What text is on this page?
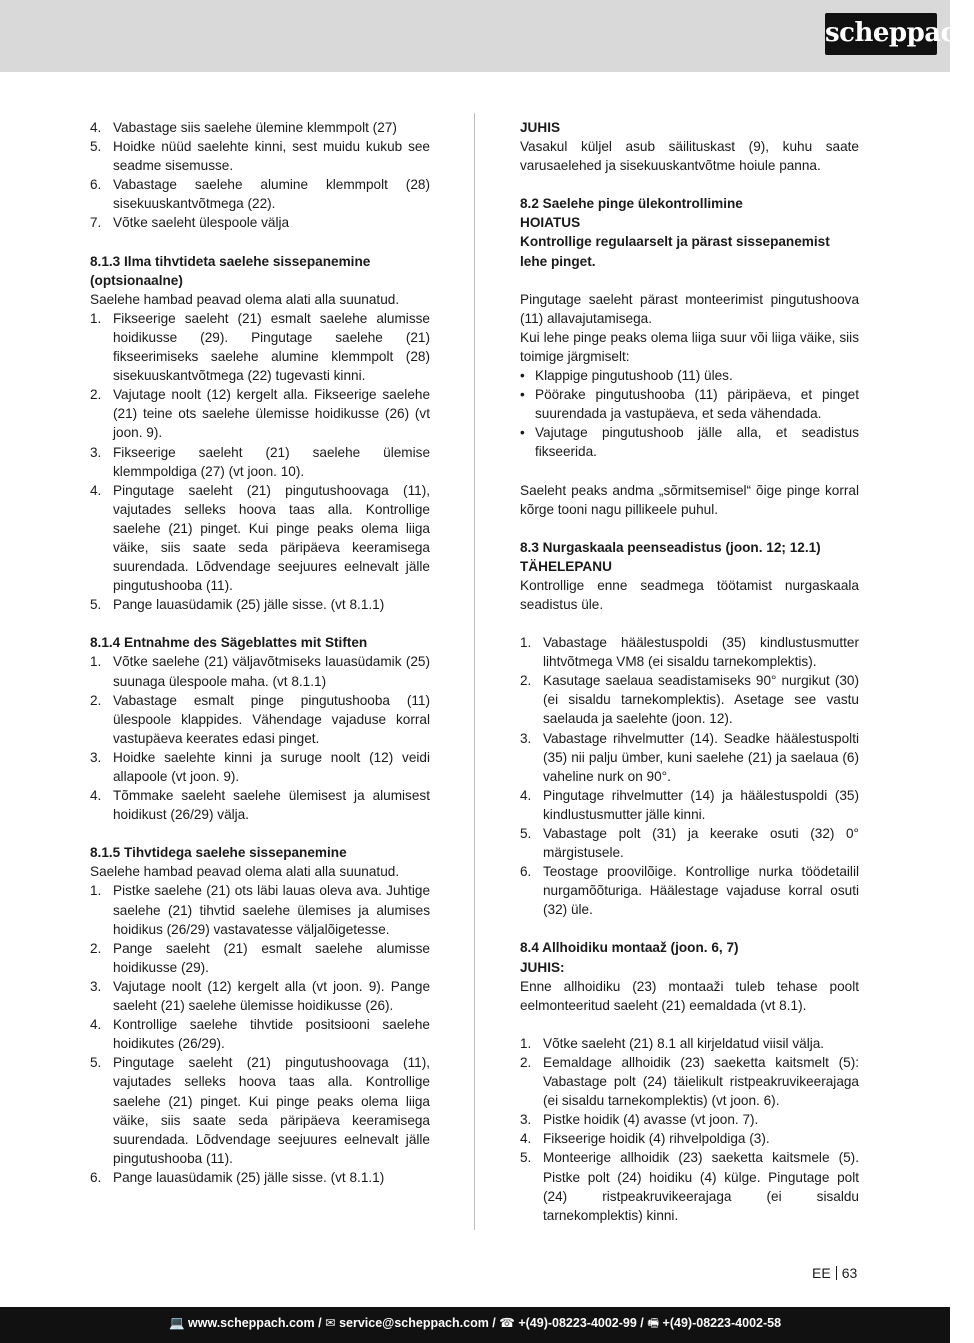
scheppach
4. Vabastage siis saelehe ülemine klemmpolt (27)
5. Hoidke nüüd saelehte kinni, sest muidu kukub see seadme sisemusse.
6. Vabastage saelehe alumine klemmpolt (28) sisekuuskantvõtmega (22).
7. Võtke saeleht ülespoole välja

8.1.3 Ilma tihvtideta saelehe sissepanemine (optsionaalne)

Saelehe hambad peavad olema alati alla suunatud.

1. Fikseerige saeleht (21) esmalt saelehe alumisse hoidikusse (29). Pingutage saelehe (21) fikseerimiseks saelehe alumine klemmpolt (28) sisekuuskantvõtmega (22) tugevasti kinni.
2. Vajutage noolt (12) kergelt alla. Fikseerige saelehe (21) teine ots saelehe ülemisse hoidikusse (26) (vt joon. 9).
3. Fikseerige saeleht (21) saelehe ülemise klemmpoldiga (27) (vt joon. 10).
4. Pingutage saeleht (21) pingutushoovaga (11), vajutades selleks hoova taas alla. Kontrollige saelehe (21) pinget. Kui pinge peaks olema liiga väike, siis saate seda päripäeva keeramisega suurendada. Lõdvendage seejuures eelnevalt jälle pingutushooba (11).
5. Pange lauasüdamik (25) jälle sisse. (vt 8.1.1)

8.1.4 Entnahme des Sägeblattes mit Stiften

1. Võtke saelehe (21) väljavõtmiseks lauasüdamik (25) suunaga ülespoole maha. (vt 8.1.1)
2. Vabastage esmalt pinge pingutushooba (11) ülespoole klappides. Vähendage vajaduse korral vastupäeva keerates edasi pinget.
3. Hoidke saelehte kinni ja suruge noolt (12) veidi allapoole (vt joon. 9).
4. Tõmmake saeleht saelehe ülemisest ja alumisest hoidikust (26/29) välja.

8.1.5 Tihvtidega saelehe sissepanemine

Saelehe hambad peavad olema alati alla suunatud.

1. Pistke saelehe (21) ots läbi lauas oleva ava. Juhtige saelehe (21) tihvtid saelehe ülemises ja alumises hoidikus (26/29) vastavatesse väljalõigetesse.
2. Pange saeleht (21) esmalt saelehe alumisse hoidikusse (29).
3. Vajutage noolt (12) kergelt alla (vt joon. 9). Pange saeleht (21) saelehe ülemisse hoidikusse (26).
4. Kontrollige saelehe tihvtide positsiooni saelehe hoidikutes (26/29).
5. Pingutage saeleht (21) pingutushoovaga (11), vajutades selleks hoova taas alla. Kontrollige saelehe (21) pinget. Kui pinge peaks olema liiga väike, siis saate seda päripäeva keeramisega suurendada. Lõdvendage seejuures eelnevalt jälle pingutushooba (11).
6. Pange lauasüdamik (25) jälle sisse. (vt 8.1.1)

JUHIS

Vasakul küljel asub säilituskast (9), kuhu saate varusaelehed ja sisekuuskantvõtme hoiule panna.

8.2 Saelehe pinge ülekontrollimine

HOIATUS

Kontrollige regulaarselt ja pärast sissepanemist lehe pinget.

Pingutage saeleht pärast monteerimist pingutushoova (11) allavajutamisega.

Kui lehe pinge peaks olema liiga suur või liiga väike, siis toimige järgmiselt:

• Klappige pingutushoob (11) üles.
• Pöörake pingutushooba (11) päripäeva, et pinget suurendada ja vastupäeva, et seda vähendada.
• Vajutage pingutushoob jälle alla, et seadistus fikseerida.

Saeleht peaks andma „sõrmitsemisel“ õige pinge korral kõrge tooni nagu pillikeele puhul.

8.3 Nurgaskaala peenseadistus (joon. 12; 12.1)

TÄHELEPANU

Kontrollige enne seadmega töötamist nurgaskaala seadistus üle.

1. Vabastage häälestuspoldi (35) kindlustusmutter lihtvõtmega VM8 (ei sisaldu tarnekomplektis).
2. Kasutage saelaua seadistamiseks 90° nurgikut (30) (ei sisaldu tarnekomplektis). Asetage see vastu saelauda ja saelehte (joon. 12).
3. Vabastage rihvelmutter (14). Seadke häälestuspolti (35) nii palju ümber, kuni saelehe (21) ja saelaua (6) vaheline nurk on 90°.
4. Pingutage rihvelmutter (14) ja häälestuspoldi (35) kindlustusmutter jälle kinni.
5. Vabastage polt (31) ja keerake osuti (32) 0° märgistusele.
6. Teostage proovilõige. Kontrollige nurka töödetailil nurgamõõturiga. Häälestage vajaduse korral osuti (32) üle.

8.4 Allhoidiku montaaž (joon. 6, 7)

JUHIS:

Enne allhoidiku (23) montaaži tuleb tehase poolt eelmonteeritud saeleht (21) eemaldada (vt 8.1).

1. Võtke saeleht (21) 8.1 all kirjeldatud viisil välja.
2. Eemaldage allhoidik (23) saeketta kaitsmelt (5): Vabastage polt (24) täielikult ristpeakruvikeerajaga (ei sisaldu tarnekomplektis) (vt joon. 6).
3. Pistke hoidik (4) avasse (vt joon. 7).
4. Fikseerige hoidik (4) rihvelpoldiga (3).
5. Monteerige allhoidik (23) saeketta kaitsmele (5). Pistke polt (24) hoidiku (4) külge. Pingutage polt (24) ristpeakruvikeerajaga (ei sisaldu tarnekomplektis) kinni.
EE 63
💻 www.scheppach.com / ✉ service@scheppach.com / ☎ +(49)-08223-4002-99 / 🖷 +(49)-08223-4002-58
